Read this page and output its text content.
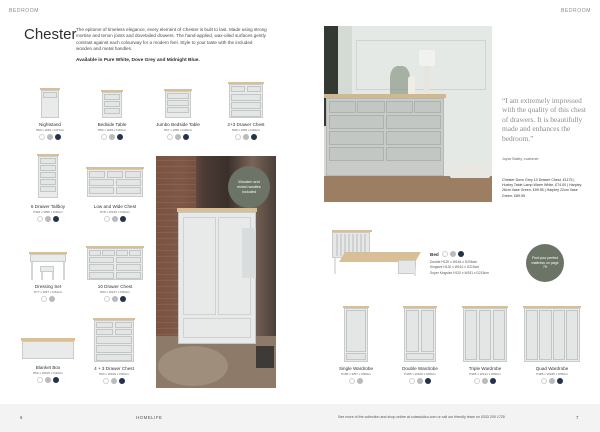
BEDROOM	BEDROOM
Chester The epitome of timeless elegance, every element of Chester is built to last. Made using strong mortise and tenon joints and dovetailed drawers. The hand-applied, wax-oiled surfaces gently contrast against each colourway for a modern feel. Style to your taste with the included wooden and metal handles.
Available in Pure White, Dove Grey and Midnight Blue.
Nightstand
H60 x W49 x D37cm
Bedside Table
H60 x W46 x D40cm
Jumbo Bedside Table
H67 x W55 x D40cm
2+3 Drawer Chest
H98 x W95 x D46cm
6 Drawer Tallboy
H118 x W55 x D39cm
Low and Wide Chest
H78 x W135 x D46cm
Dressing Set
H77 x W97 x D42cm
10 Drawer Chest
H84 x W147 x D50cm
Blanket Box
H52 x W105 x D46cm
4 + 3 Drawer Chest
H93 x W108 x D50cm
Wooden and metal handles included
“I am extremely impressed with the quality of this chest of drawers. It is beautifully made and enhances the bedroom.”
Joyce Bailey, customer
Chester Dove Grey 10 Drawer Chest, £1175 | Huxley Table Lamp Warm White, £74.00 | Harpley 26cm Vase Green, £99.95 | Harpley 22cm Vase Green, £89.95
Bed
Double H120 x W146 x D206cm
Kingsize H120 x W161 x D215cm
Super Kingsize H120 x W191 x D215cm
Find your perfect mattress on page 79
Single Wardrobe
H185 x W57 x D58cm
Double Wardrobe
H185 x W100 x D58cm
Triple Wardrobe
H185 x W141 x D58cm
Quad Wardrobe
H185 x W186 x D58cm
6	HOMELIFE	See more of the collection and shop online at cotswoldco.com or call our friendly team on 0333 200 1725	7
